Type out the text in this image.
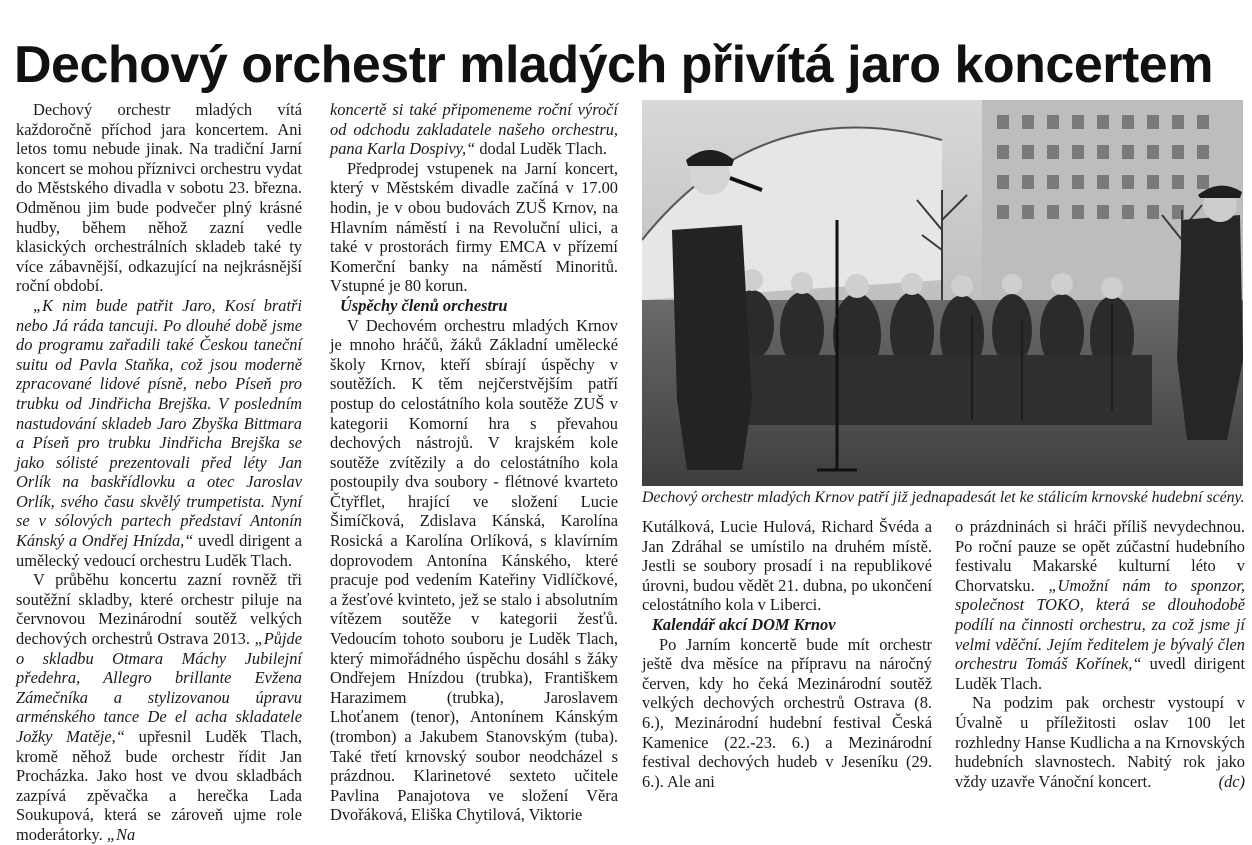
Dechový orchestr mladých přivítá jaro koncertem

Dechový orchestr mladých vítá každoročně příchod jara koncertem. Ani letos tomu nebude jinak. Na tradiční Jarní koncert se mohou příznivci orchestru vydat do Městského divadla v sobotu 23. března. Odměnou jim bude podvečer plný krásné hudby, během něhož zazní vedle klasických orchestrálních skladeb také ty více zábavnější, odkazující na nejkrásnější roční období.

„K nim bude patřit Jaro, Kosí bratři nebo Já ráda tancuji. Po dlouhé době jsme do programu zařadili také Českou taneční suitu od Pavla Staňka, což jsou moderně zpracované lidové písně, nebo Píseň pro trubku od Jindřicha Brejška. V posledním nastudování skladeb Jaro Zbyška Bittmara a Píseň pro trubku Jindřicha Brejška se jako sólisté prezentovali před léty Jan Orlík na baskřídlovku a otec Jaroslav Orlík, svého času skvělý trumpetista. Nyní se v sólových partech představí Antonín Kánský a Ondřej Hnízda,“ uvedl dirigent a umělecký vedoucí orchestru Luděk Tlach.

V průběhu koncertu zazní rovněž tři soutěžní skladby, které orchestr piluje na červnovou Mezinárodní soutěž velkých dechových orchestrů Ostrava 2013. „Půjde o skladbu Otmara Máchy Jubilejní předehra, Allegro brillante Evžena Zámečníka a stylizovanou úpravu arménského tance De el acha skladatele Jožky Matěje,“ upřesnil Luděk Tlach, kromě něhož bude orchestr řídit Jan Procházka. Jako host ve dvou skladbách zazpívá zpěvačka a herečka Lada Soukupová, která se zároveň ujme role moderátorky. „Na

koncertě si také připomeneme roční výročí od odchodu zakladatele našeho orchestru, pana Karla Dospivy,“ dodal Luděk Tlach.

Předprodej vstupenek na Jarní koncert, který v Městském divadle začíná v 17.00 hodin, je v obou budovách ZUŠ Krnov, na Hlavním náměstí i na Revoluční ulici, a také v prostorách firmy EMCA v přízemí Komerční banky na náměstí Minoritů. Vstupné je 80 korun.

Úspěchy členů orchestru

V Dechovém orchestru mladých Krnov je mnoho hráčů, žáků Základní umělecké školy Krnov, kteří sbírají úspěchy v soutěžích. K těm nejčerstvějším patří postup do celostátního kola soutěže ZUŠ v kategorii Komorní hra s převahou dechových nástrojů. V krajském kole soutěže zvítězily a do celostátního kola postoupily dva soubory - flétnové kvarteto Čtyřflet, hrající ve složení Lucie Šimíčková, Zdislava Kánská, Karolína Rosická a Karolína Orlíková, s klavírním doprovodem Antonína Kánského, které pracuje pod vedením Kateřiny Vidlíčkové, a žesťové kvinteto, jež se stalo i absolutním vítězem soutěže v kategorii žesťů. Vedoucím tohoto souboru je Luděk Tlach, který mimořádného úspěchu dosáhl s žáky Ondřejem Hnízdou (trubka), Františkem Harazimem (trubka), Jaroslavem Lhoťanem (tenor), Antonínem Kánským (trombon) a Jakubem Stanovským (tuba). Také třetí krnovský soubor neodcházel s prázdnou. Klarinetové sexteto učitele Pavlina Panajotova ve složení Věra Dvořáková, Eliška Chytilová, Viktorie

Dechový orchestr mladých Krnov patří již jednapadesát let ke stálicím krnovské hudební scény.

Kutálková, Lucie Hulová, Richard Švéda a Jan Zdráhal se umístilo na druhém místě. Jestli se soubory prosadí i na republikové úrovni, budou vědět 21. dubna, po ukončení celostátního kola v Liberci.

Kalendář akcí DOM Krnov

Po Jarním koncertě bude mít orchestr ještě dva měsíce na přípravu na náročný červen, kdy ho čeká Mezinárodní soutěž velkých dechových orchestrů Ostrava (8. 6.), Mezinárodní hudební festival Česká Kamenice (22.-23. 6.) a Mezinárodní festival dechových hudeb v Jeseníku (29. 6.). Ale ani

o prázdninách si hráči příliš nevydechnou. Po roční pauze se opět zúčastní hudebního festivalu Makarské kulturní léto v Chorvatsku. „Umožní nám to sponzor, společnost TOKO, která se dlouhodobě podílí na činnosti orchestru, za což jsme jí velmi vděční. Jejím ředitelem je bývalý člen orchestru Tomáš Kořínek,“ uvedl dirigent Luděk Tlach.

Na podzim pak orchestr vystoupí v Úvalně u příležitosti oslav 100 let rozhledny Hanse Kudlicha a na Krnovských hudebních slavnostech. Nabitý rok jako vždy uzavře Vánoční koncert.	(dc)
